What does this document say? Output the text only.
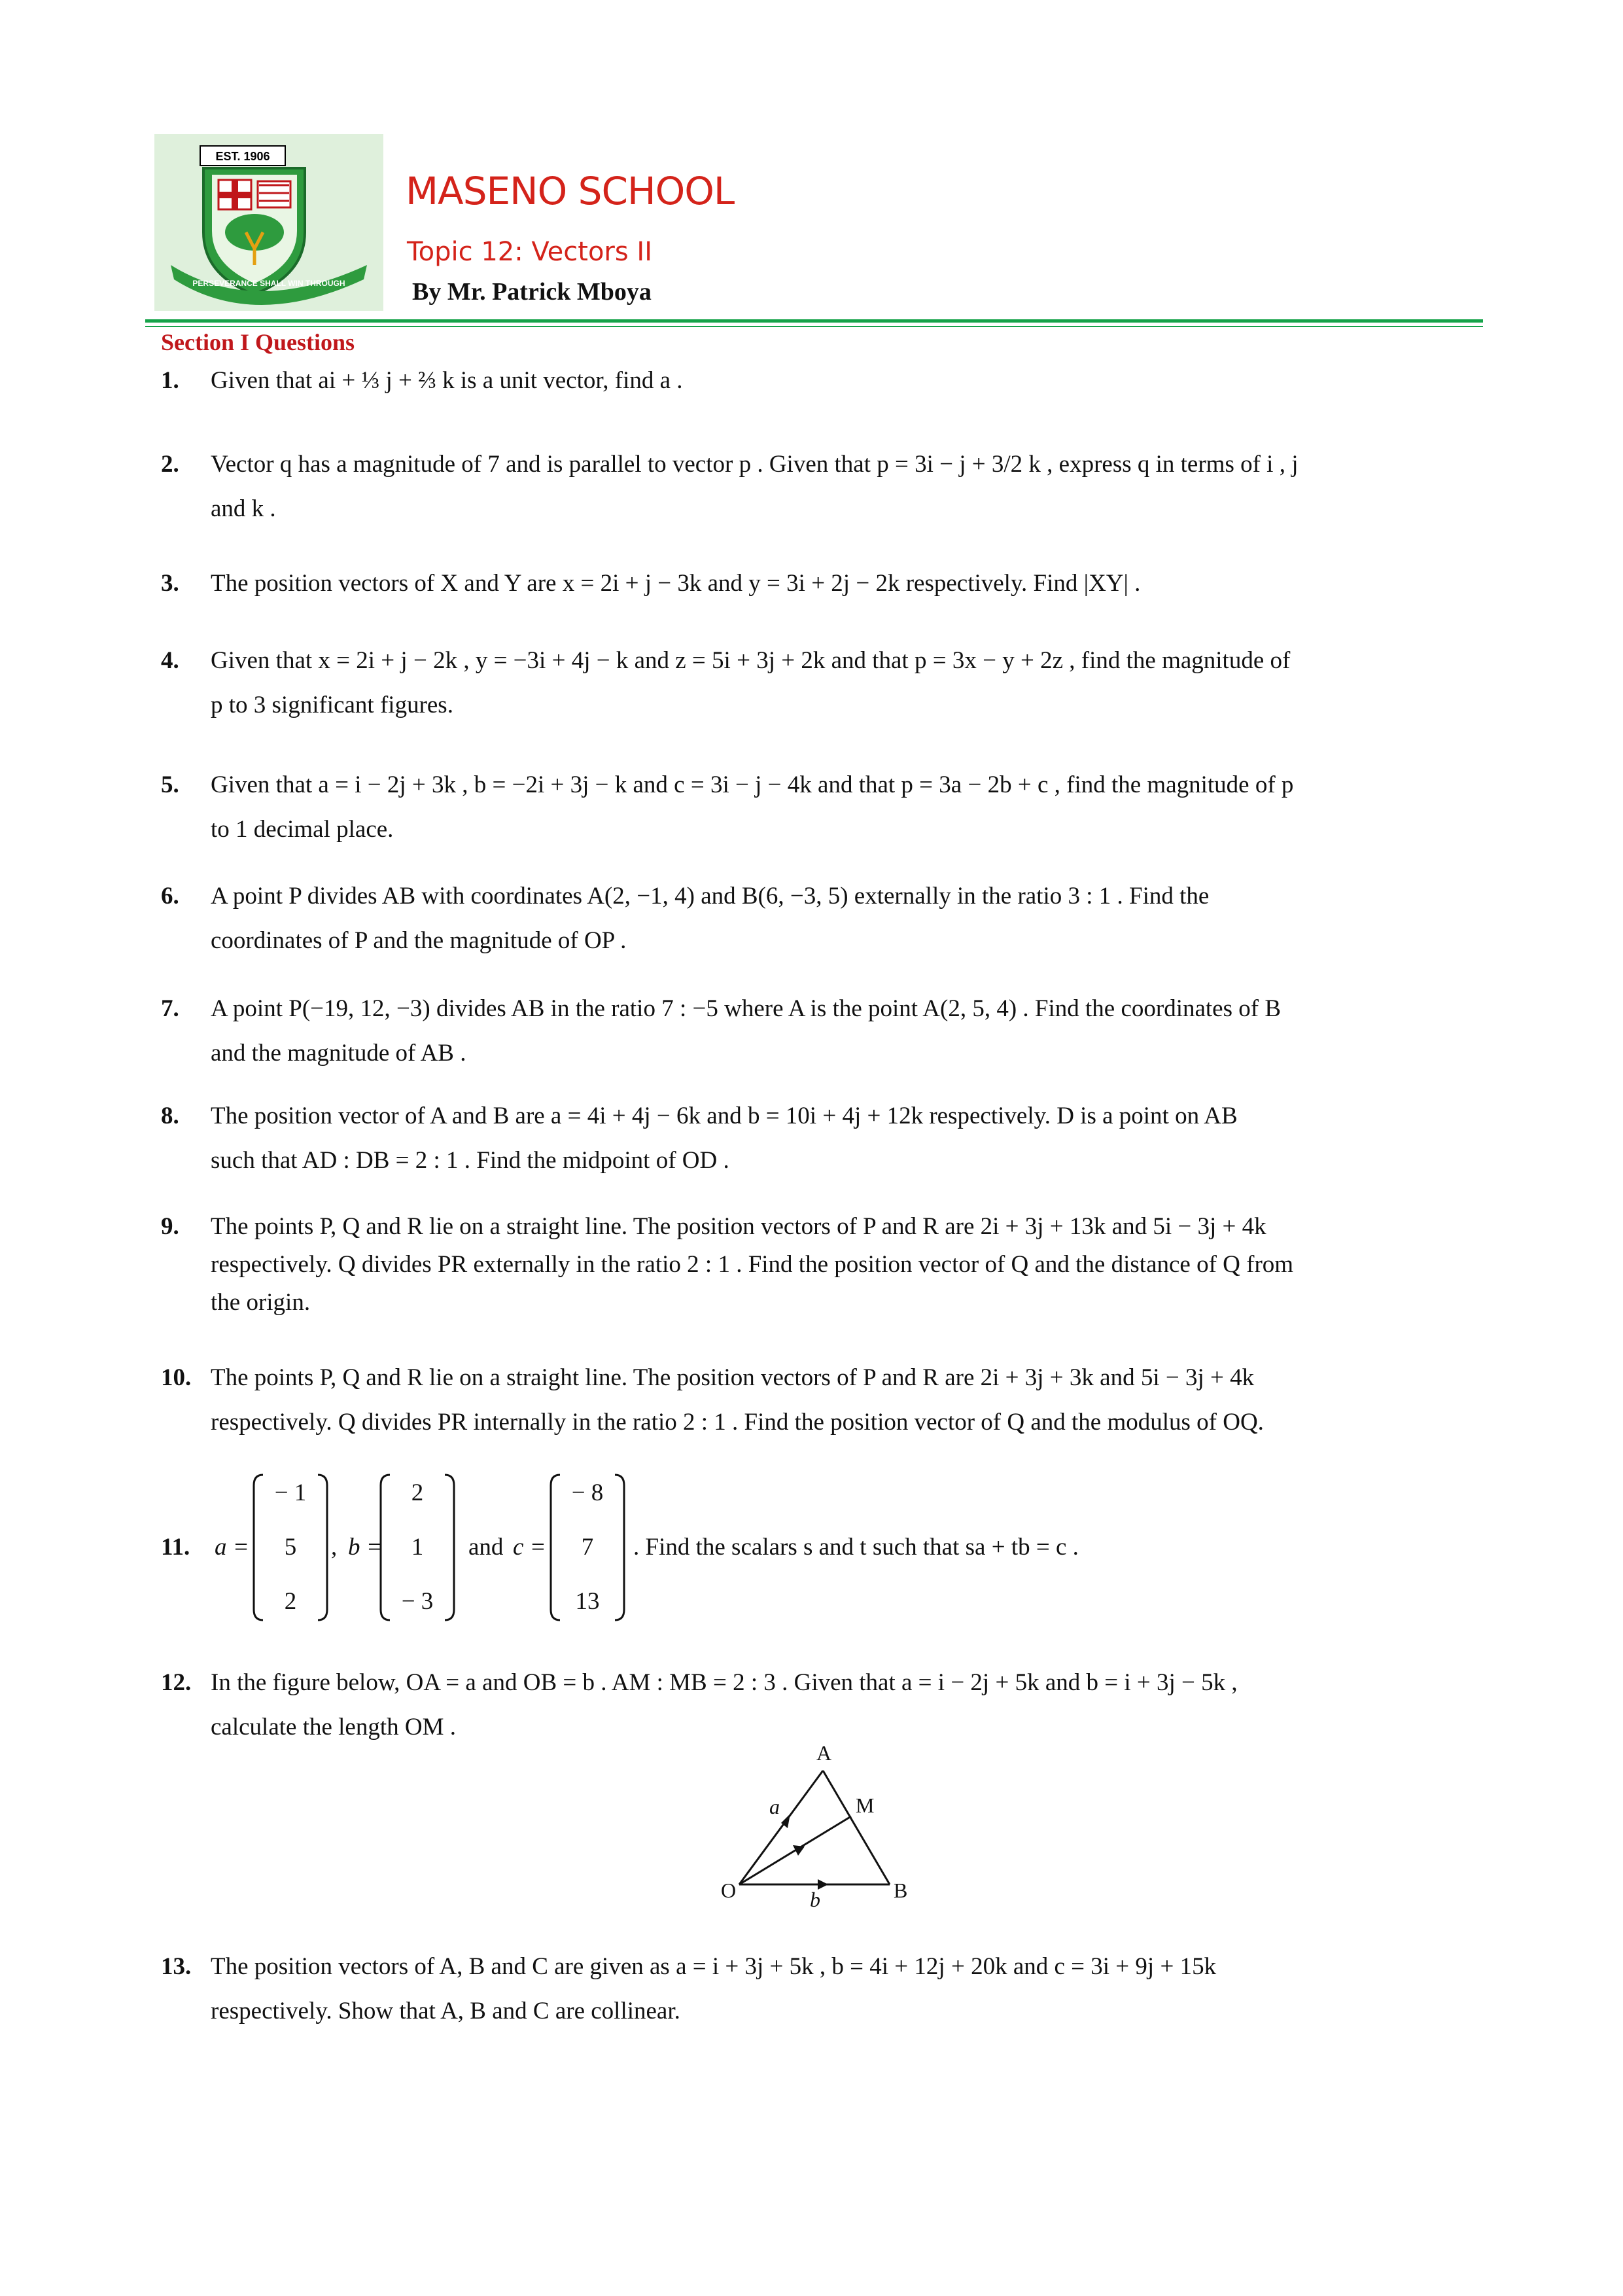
EST. 1906
PERSEVERANCE SHALL WIN THROUGH
MASENO SCHOOL
Topic 12: Vectors II
By Mr. Patrick Mboya
Section I Questions
1. Given that ai + ⅓ j + ⅔ k is a unit vector, find a .

2. Vector q has a magnitude of 7 and is parallel to vector p . Given that p = 3i − j + 3/2 k , express q in terms of i , j

and k .

3. The position vectors of X and Y are x = 2i + j − 3k and y = 3i + 2j − 2k respectively. Find |XY| .

4. Given that x = 2i + j − 2k , y = −3i + 4j − k and z = 5i + 3j + 2k and that p = 3x − y + 2z , find the magnitude of

p to 3 significant figures.

5. Given that a = i − 2j + 3k , b = −2i + 3j − k and c = 3i − j − 4k and that p = 3a − 2b + c , find the magnitude of p

to 1 decimal place.

6. A point P divides AB with coordinates A(2, −1, 4) and B(6, −3, 5) externally in the ratio 3 : 1 . Find the

coordinates of P and the magnitude of OP .

7. A point P(−19, 12, −3) divides AB in the ratio 7 : −5 where A is the point A(2, 5, 4) . Find the coordinates of B

and the magnitude of AB .

8. The position vector of A and B are a = 4i + 4j − 6k and b = 10i + 4j + 12k respectively. D is a point on AB

such that AD : DB = 2 : 1 . Find the midpoint of OD .

9. The points P, Q and R lie on a straight line. The position vectors of P and R are 2i + 3j + 13k and 5i − 3j + 4k

respectively. Q divides PR externally in the ratio 2 : 1 . Find the position vector of Q and the distance of Q from

the origin.

10. The points P, Q and R lie on a straight line. The position vectors of P and R are 2i + 3j + 3k and 5i − 3j + 4k

respectively. Q divides PR internally in the ratio 2 : 1 . Find the position vector of Q and the modulus of OQ.

11. a =
− 1
5
2
, b =
2
1
− 3
and c =
− 8
7
13
. Find the scalars s and t such that sa + tb = c .
12. In the figure below, OA = a and OB = b . AM : MB = 2 : 3 . Given that a = i − 2j + 5k and b = i + 3j − 5k ,

calculate the length OM .

A
M
O	B
a
b
13. The position vectors of A, B and C are given as a = i + 3j + 5k , b = 4i + 12j + 20k and c = 3i + 9j + 15k

respectively. Show that A, B and C are collinear.
